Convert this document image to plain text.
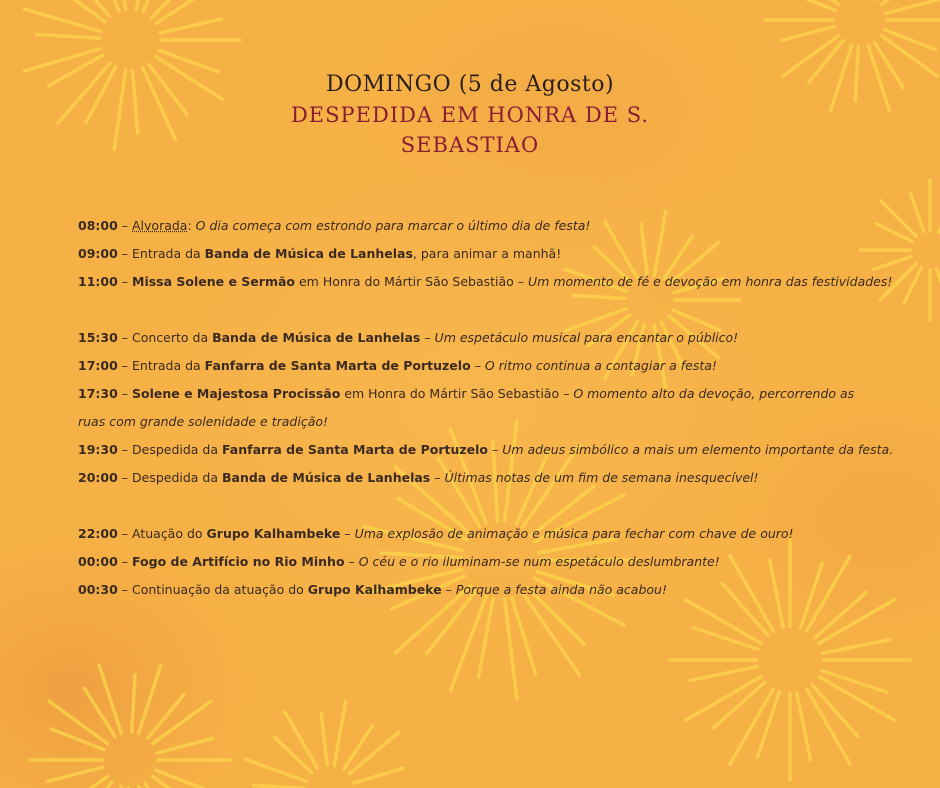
DOMINGO (5 de Agosto)
DESPEDIDA EM HONRA DE S.
SEBASTIAO
08:00 – Alvorada: O dia começa com estrondo para marcar o último dia de festa!
09:00 – Entrada da Banda de Música de Lanhelas, para animar a manhã!
11:00 – Missa Solene e Sermão em Honra do Mártir São Sebastião – Um momento de fé e devoção em honra das festividades!
15:30 – Concerto da Banda de Música de Lanhelas – Um espetáculo musical para encantar o público!
17:00 – Entrada da Fanfarra de Santa Marta de Portuzelo – O ritmo continua a contagiar a festa!
17:30 – Solene e Majestosa Procissão em Honra do Mártir São Sebastião – O momento alto da devoção, percorrendo as ruas com grande solenidade e tradição!
19:30 – Despedida da Fanfarra de Santa Marta de Portuzelo – Um adeus simbólico a mais um elemento importante da festa.
20:00 – Despedida da Banda de Música de Lanhelas – Últimas notas de um fim de semana inesquecível!
22:00 – Atuação do Grupo Kalhambeke – Uma explosão de animação e música para fechar com chave de ouro!
00:00 – Fogo de Artifício no Rio Minho – O céu e o rio iluminam-se num espetáculo deslumbrante!
00:30 – Continuação da atuação do Grupo Kalhambeke – Porque a festa ainda não acabou!
